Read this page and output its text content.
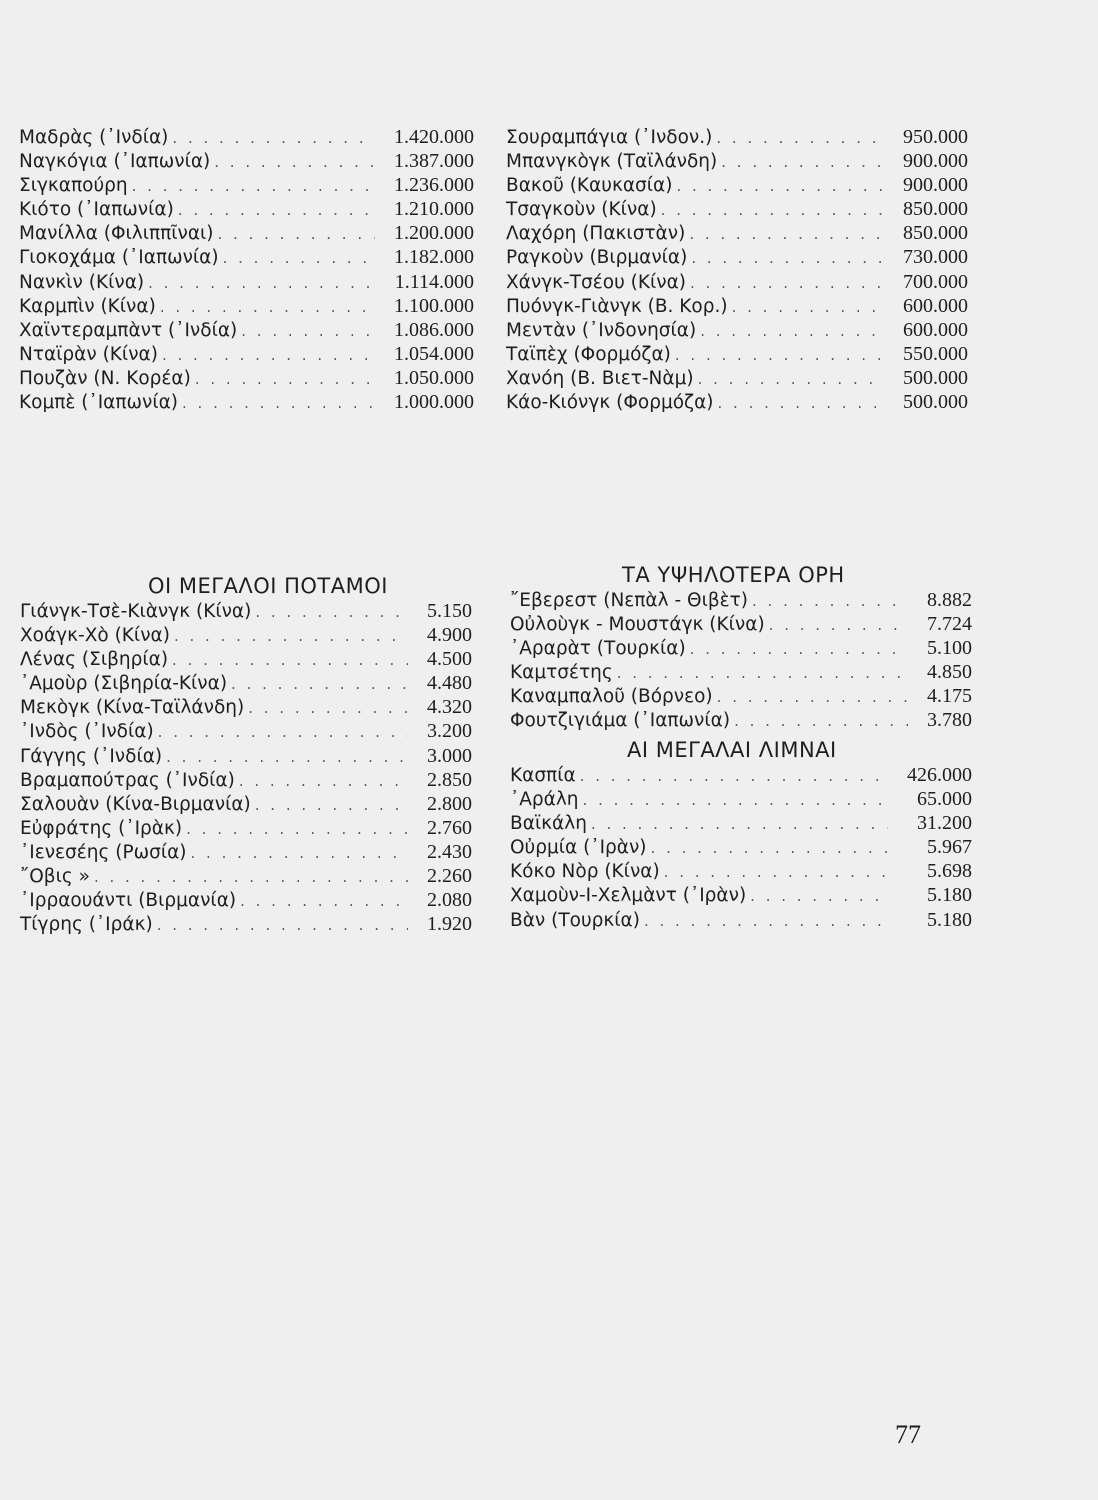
Μαδρὰς (᾽Ινδία) . . .	1.420.000
Ναγκόγια (᾽Ιαπωνία) . . .	1.387.000
Σιγκαπούρη . . .	1.236.000
Κιότο (᾽Ιαπωνία) . . .	1.210.000
Μανίλλα (Φιλιππῖναι) . . .	1.200.000
Γιοκοχάμα (᾽Ιαπωνία) . . .	1.182.000
Νανκὶν (Κίνα) . . .	1.114.000
Καρμπὶν (Κίνα) . . .	1.100.000
Χαϊντεραμπὰντ (᾽Ινδία) . . .	1.086.000
Νταϊρὰν (Κίνα) . . .	1.054.000
Πουζὰν (Ν. Κορέα) . . .	1.050.000
Κομπὲ (᾽Ιαπωνία) . . .	1.000.000
Σουραμπάγια (᾽Ινδον.) . . .	950.000
Μπανγκὸγκ (Ταϊλάνδη) . . .	900.000
Βακοῦ (Καυκασία) . . .	900.000
Τσαγκοὺν (Κίνα) . . .	850.000
Λαχόρη (Πακιστὰν) . . .	850.000
Ραγκοὺν (Βιρμανία) . . .	730.000
Χάνγκ-Τσέου (Κίνα) . . .	700.000
Πυόνγκ-Γιὰνγκ (Β. Κορ.) . . .	600.000
Μεντὰν (᾽Ινδονησία) . . .	600.000
Ταϊπὲχ (Φορμόζα) . . .	550.000
Χανόη (Β. Βιετ-Νὰμ) . . .	500.000
Κάο-Κιόνγκ (Φορμόζα) . . .	500.000
ΟΙ ΜΕΓΑΛΟΙ ΠΟΤΑΜΟΙ
Γιάνγκ-Τσὲ-Κιὰνγκ (Κίνα) . . .	5.150
Χοάγκ-Χὸ (Κίνα) . . .	4.900
Λένας (Σιβηρία) . . .	4.500
᾽Αμοὺρ (Σιβηρία-Κίνα) . . .	4.480
Μεκὸγκ (Κίνα-Ταϊλάνδη) . . .	4.320
᾽Ινδὸς (᾽Ινδία) . . .	3.200
Γάγγης (᾽Ινδία) . . .	3.000
Βραμαπούτρας (᾽Ινδία) . . .	2.850
Σαλουὰν (Κίνα-Βιρμανία) . . .	2.800
Εὐφράτης (᾽Ιρὰκ) . . .	2.760
᾽Ιενεσέης (Ρωσία) . . .	2.430
῎Οβις » . . .	2.260
᾽Ιρραουάντι (Βιρμανία) . . .	2.080
Τίγρης (᾽Ιράκ) . . .	1.920
ΤΑ ΥΨΗΛΟΤΕΡΑ ΟΡΗ
῎Εβερεστ (Νεπὰλ - Θιβὲτ) . . .	8.882
Οὐλοὺγκ - Μουστάγκ (Κίνα) . . .	7.724
᾽Αραρὰτ (Τουρκία) . . .	5.100
Καμτσέτης . . .	4.850
Καναμπαλοῦ (Βόρνεο) . . .	4.175
Φουτζιγιάμα (᾽Ιαπωνία) . . .	3.780
ΑΙ ΜΕΓΑΛΑΙ ΛΙΜΝΑΙ
Κασπία . . .	426.000
᾽Αράλη . . .	65.000
Βαϊκάλη . . .	31.200
Οὐρμία (᾽Ιρὰν) . . .	5.967
Κόκο Νὸρ (Κίνα) . . .	5.698
Χαμοὺν-Ι-Χελμὰντ (᾽Ιρὰν) . . .	5.180
Βὰν (Τουρκία) . . .	5.180
77
